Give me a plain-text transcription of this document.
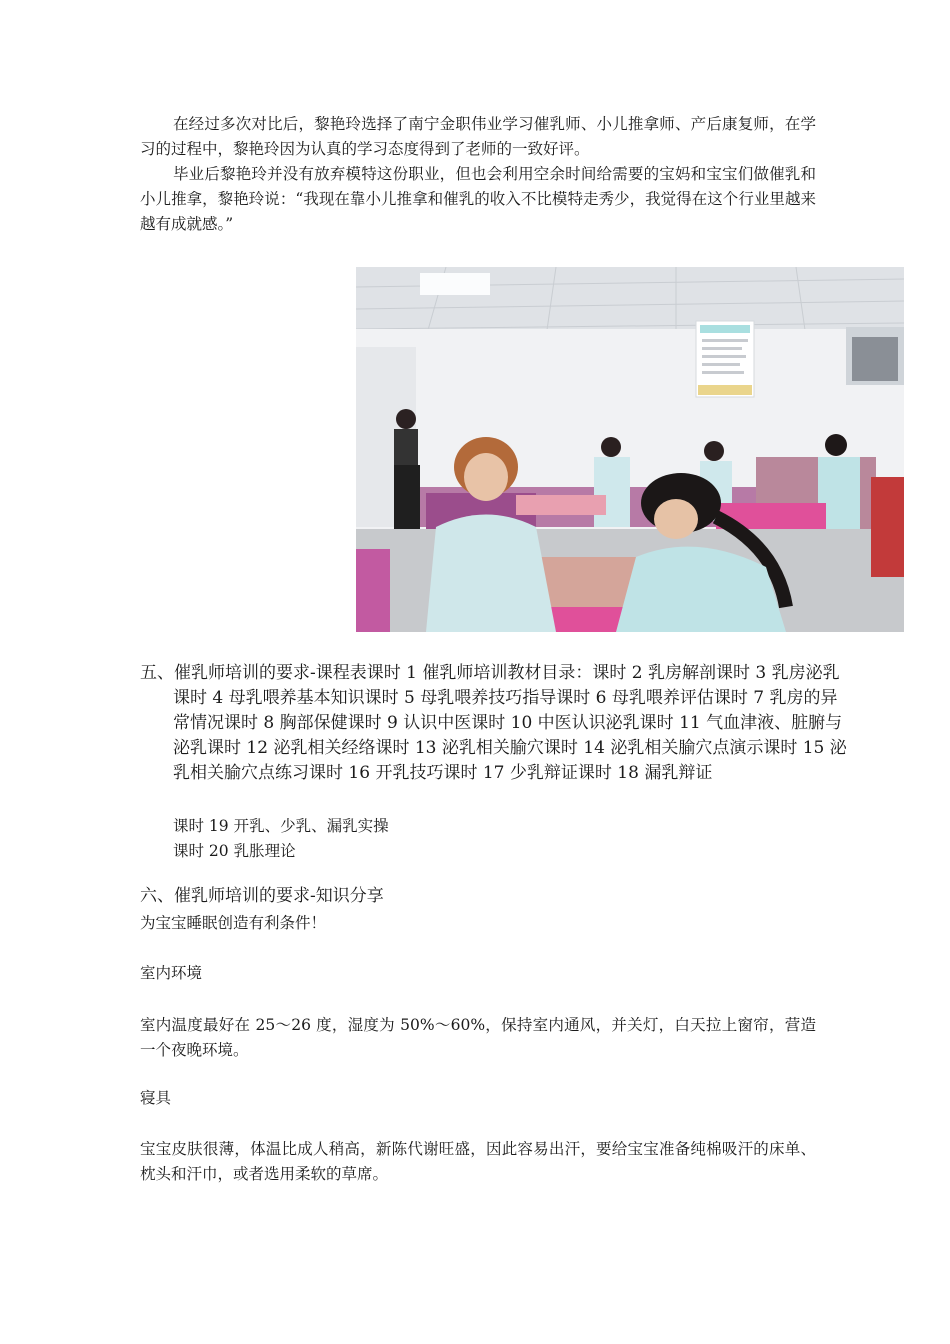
在经过多次对比后，黎艳玲选择了南宁金职伟业学习催乳师、小儿推拿师、产后康复师，在学习的过程中，黎艳玲因为认真的学习态度得到了老师的一致好评。

毕业后黎艳玲并没有放弃模特这份职业，但也会利用空余时间给需要的宝妈和宝宝们做催乳和小儿推拿，黎艳玲说：“我现在靠小儿推拿和催乳的收入不比模特走秀少，我觉得在这个行业里越来越有成就感。”

五、催乳师培训的要求-课程表课时 1 催乳师培训教材目录：课时 2 乳房解剖课时 3 乳房泌乳课时 4 母乳喂养基本知识课时 5 母乳喂养技巧指导课时 6 母乳喂养评估课时 7 乳房的异常情况课时 8 胸部保健课时 9 认识中医课时 10 中医认识泌乳课时 11 气血津液、脏腑与泌乳课时 12 泌乳相关经络课时 13 泌乳相关腧穴课时 14 泌乳相关腧穴点演示课时 15 泌乳相关腧穴点练习课时 16 开乳技巧课时 17 少乳辩证课时 18 漏乳辩证

课时 19 开乳、少乳、漏乳实操

课时 20 乳胀理论

六、催乳师培训的要求-知识分享

为宝宝睡眠创造有利条件！

室内环境

室内温度最好在 25～26 度，湿度为 50%～60%，保持室内通风，并关灯，白天拉上窗帘，营造一个夜晚环境。

寝具

宝宝皮肤很薄，体温比成人稍高，新陈代谢旺盛，因此容易出汗，要给宝宝准备纯棉吸汗的床单、枕头和汗巾，或者选用柔软的草席。
